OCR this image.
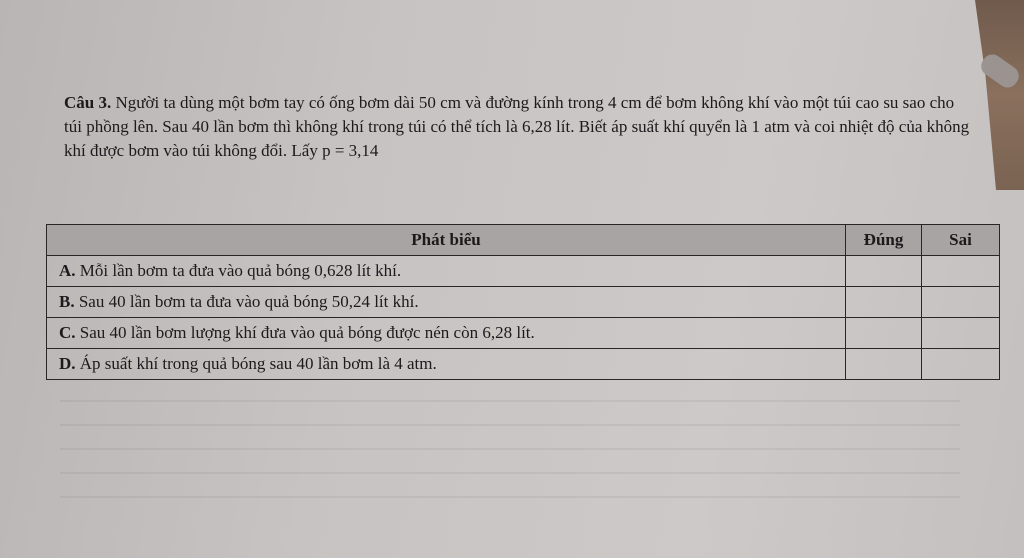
Câu 3. Người ta dùng một bơm tay có ống bơm dài 50 cm và đường kính trong 4 cm để bơm không khí vào một túi cao su sao cho túi phồng lên. Sau 40 lần bơm thì không khí trong túi có thể tích là 6,28 lít. Biết áp suất khí quyển là 1 atm và coi nhiệt độ của không khí được bơm vào túi không đổi. Lấy p = 3,14

Phát biểu	Đúng	Sai
A. Mỗi lần bơm ta đưa vào quả bóng 0,628 lít khí.		
B. Sau 40 lần bơm ta đưa vào quả bóng 50,24 lít khí.		
C. Sau 40 lần bơm lượng khí đưa vào quả bóng được nén còn 6,28 lít.		
D. Áp suất khí trong quả bóng sau 40 lần bơm là 4 atm.		
